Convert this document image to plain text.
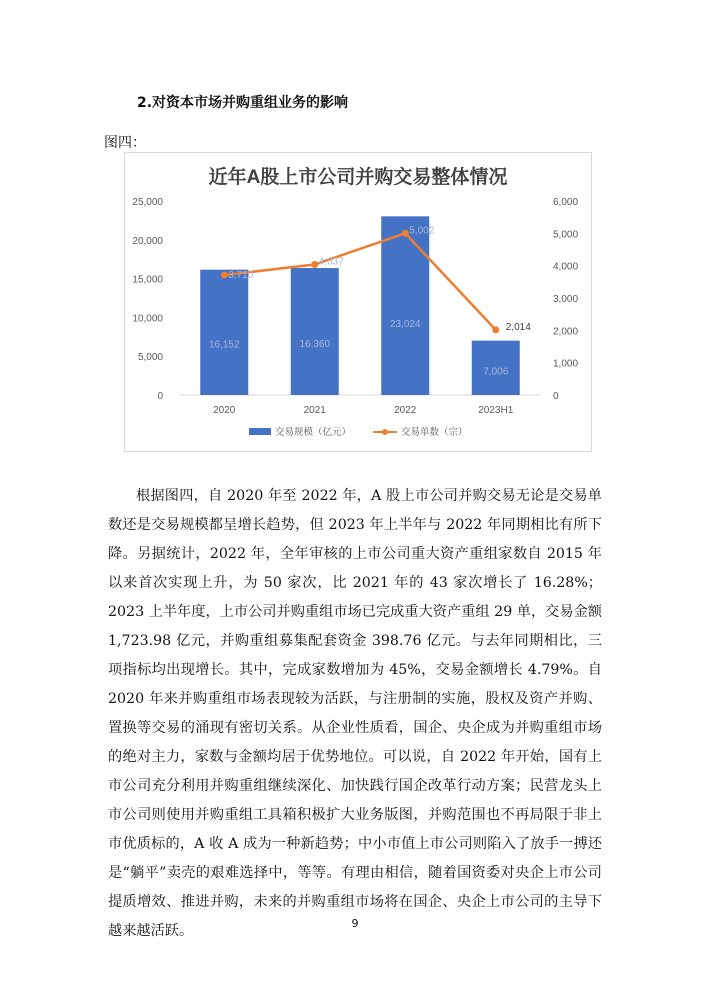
2.对资本市场并购重组业务的影响
图四：
近年A股上市公司并购交易整体情况
0
5,000
10,000
15,000
20,000
25,000
0
1,000
2,000
3,000
4,000
5,000
6,000
16,152	16,360
23,024
7,006
2020	2021	2022	2023H1
3,710
4,037
5,002
2,014
交易规模（亿元）	交易单数（宗）

根据图四，自 2020 年至 2022 年，A 股上市公司并购交易无论是交易单数还是交易规模都呈增长趋势，但 2023 年上半年与 2022 年同期相比有所下降。另据统计，2022 年，全年审核的上市公司重大资产重组家数自 2015 年以来首次实现上升，为 50 家次，比 2021 年的 43 家次增长了 16.28%；2023 上半年度，上市公司并购重组市场已完成重大资产重组 29 单，交易金额 1,723.98 亿元，并购重组募集配套资金 398.76 亿元。与去年同期相比，三项指标均出现增长。其中，完成家数增加为 45%，交易金额增长 4.79%。自 2020 年来并购重组市场表现较为活跃，与注册制的实施，股权及资产并购、置换等交易的涌现有密切关系。从企业性质看，国企、央企成为并购重组市场的绝对主力，家数与金额均居于优势地位。可以说，自 2022 年开始，国有上市公司充分利用并购重组继续深化、加快践行国企改革行动方案；民营龙头上市公司则使用并购重组工具箱积极扩大业务版图，并购范围也不再局限于非上市优质标的，A 收 A 成为一种新趋势；中小市值上市公司则陷入了放手一搏还是“躺平”卖壳的艰难选择中，等等。有理由相信，随着国资委对央企上市公司提质增效、推进并购，未来的并购重组市场将在国企、央企上市公司的主导下越来越活跃。	9
